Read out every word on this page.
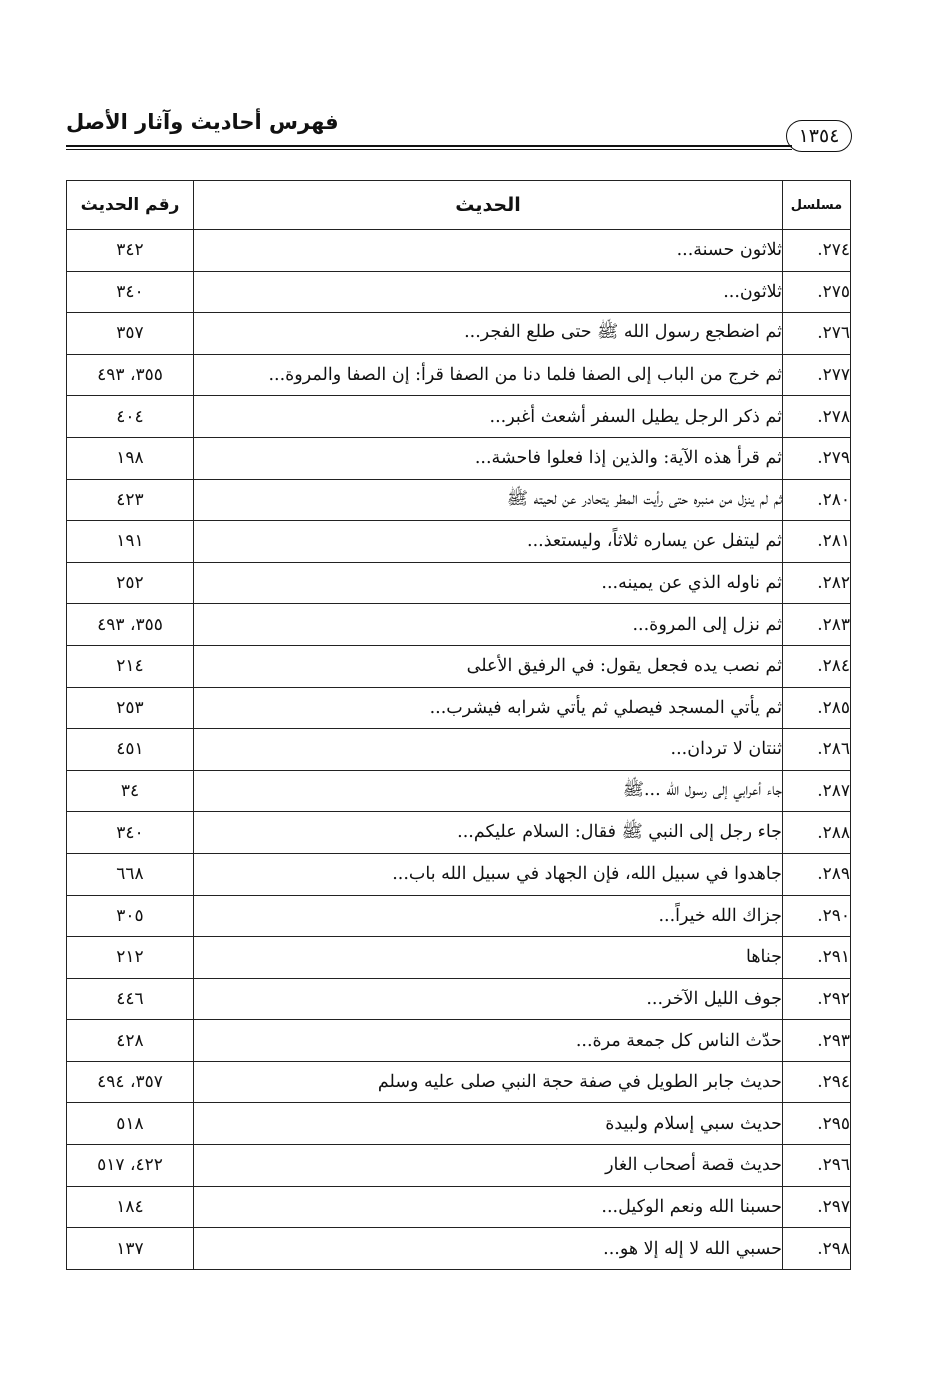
فهرس أحاديث وآثار الأصل
١٣٥٤
مسلسل	الحديث	رقم الحديث
٢٧٤.	ثلاثون حسنة...	٣٤٢
٢٧٥.	ثلاثون...	٣٤٠
٢٧٦.	ثم اضطجع رسول الله ﷺ حتى طلع الفجر...	٣٥٧
٢٧٧.	ثم خرج من الباب إلى الصفا فلما دنا من الصفا قرأ: إن الصفا والمروة...	٣٥٥، ٤٩٣
٢٧٨.	ثم ذكر الرجل يطيل السفر أشعث أغبر...	٤٠٤
٢٧٩.	ثم قرأ هذه الآية: والذين إذا فعلوا فاحشة...	١٩٨
٢٨٠.	ثم لم ينزل من منبره حتى رأيت المطر يتحادر عن لحيته ﷺ	٤٢٣
٢٨١.	ثم ليتفل عن يساره ثلاثاً، وليستعذ...	١٩١
٢٨٢.	ثم ناوله الذي عن يمينه...	٢٥٢
٢٨٣.	ثم نزل إلى المروة...	٣٥٥، ٤٩٣
٢٨٤.	ثم نصب يده فجعل يقول: في الرفيق الأعلى	٢١٤
٢٨٥.	ثم يأتي المسجد فيصلي ثم يأتي شرابه فيشرب...	٢٥٣
٢٨٦.	ثنتان لا تردان...	٤٥١
٢٨٧.	جاء أعرابي إلى رسول الله ...ﷺ	٣٤
٢٨٨.	جاء رجل إلى النبي ﷺ فقال: السلام عليكم...	٣٤٠
٢٨٩.	جاهدوا في سبيل الله، فإن الجهاد في سبيل الله باب...	٦٦٨
٢٩٠.	جزاك الله خيراً...	٣٠٥
٢٩١.	جناها	٢١٢
٢٩٢.	جوف الليل الآخر...	٤٤٦
٢٩٣.	حدّث الناس كل جمعة مرة...	٤٢٨
٢٩٤.	حديث جابر الطويل في صفة حجة النبي صلى عليه وسلم	٣٥٧، ٤٩٤
٢٩٥.	حديث سبي إسلام ولبيدة	٥١٨
٢٩٦.	حديث قصة أصحاب الغار	٤٢٢، ٥١٧
٢٩٧.	حسبنا الله ونعم الوكيل...	١٨٤
٢٩٨.	حسبي الله لا إله إلا هو...	١٣٧
